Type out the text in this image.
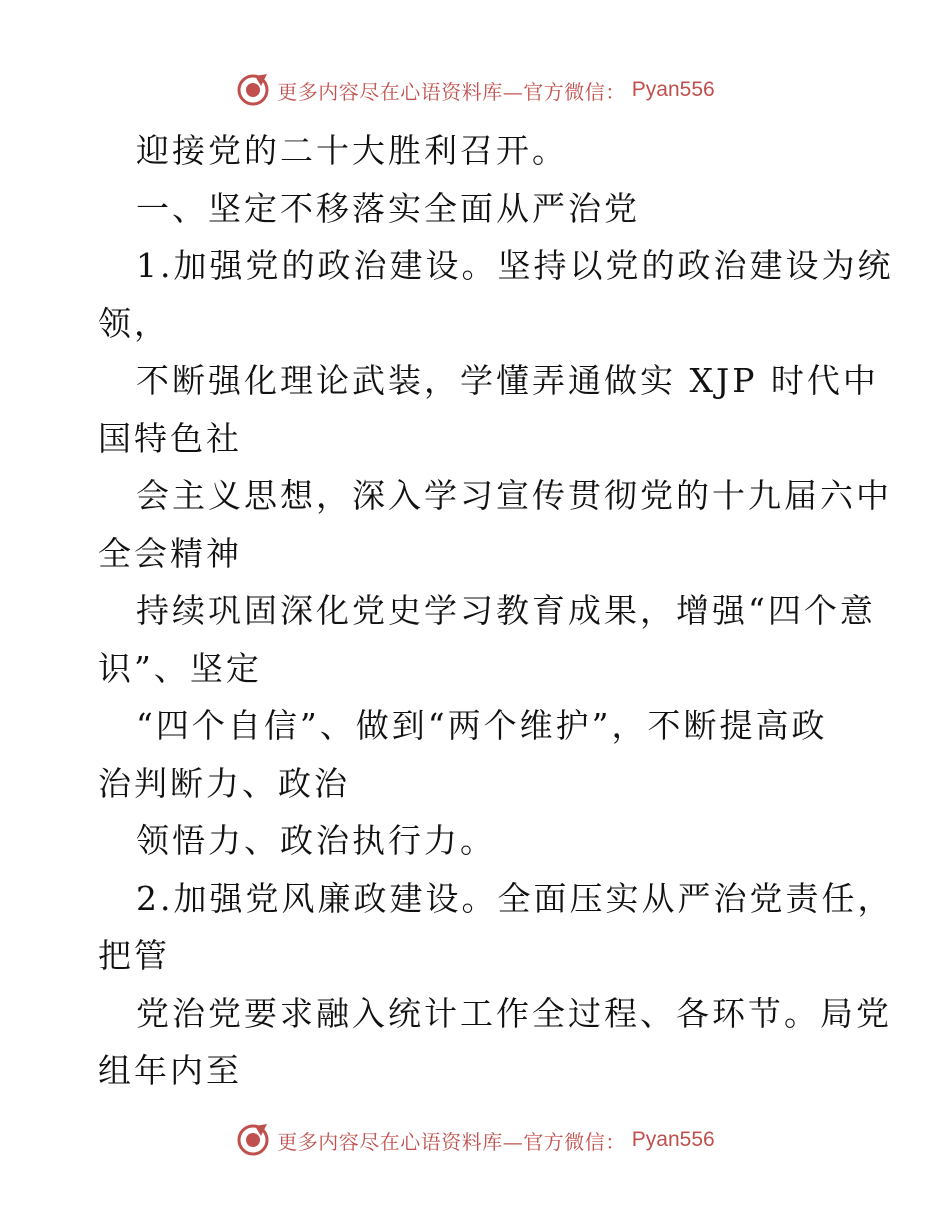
更多内容尽在心语资料库—官方微信： Pyan556
迎接党的二十大胜利召开。
一、坚定不移落实全面从严治党
1.加强党的政治建设。坚持以党的政治建设为统
领，
不断强化理论武装，学懂弄通做实 XJP 时代中
国特色社
会主义思想，深入学习宣传贯彻党的十九届六中
全会精神
持续巩固深化党史学习教育成果，增强“四个意
识”、坚定
“四个自信”、做到“两个维护”，不断提高政
治判断力、政治
领悟力、政治执行力。
2.加强党风廉政建设。全面压实从严治党责任，
把管
党治党要求融入统计工作全过程、各环节。局党
组年内至
更多内容尽在心语资料库—官方微信： Pyan556
